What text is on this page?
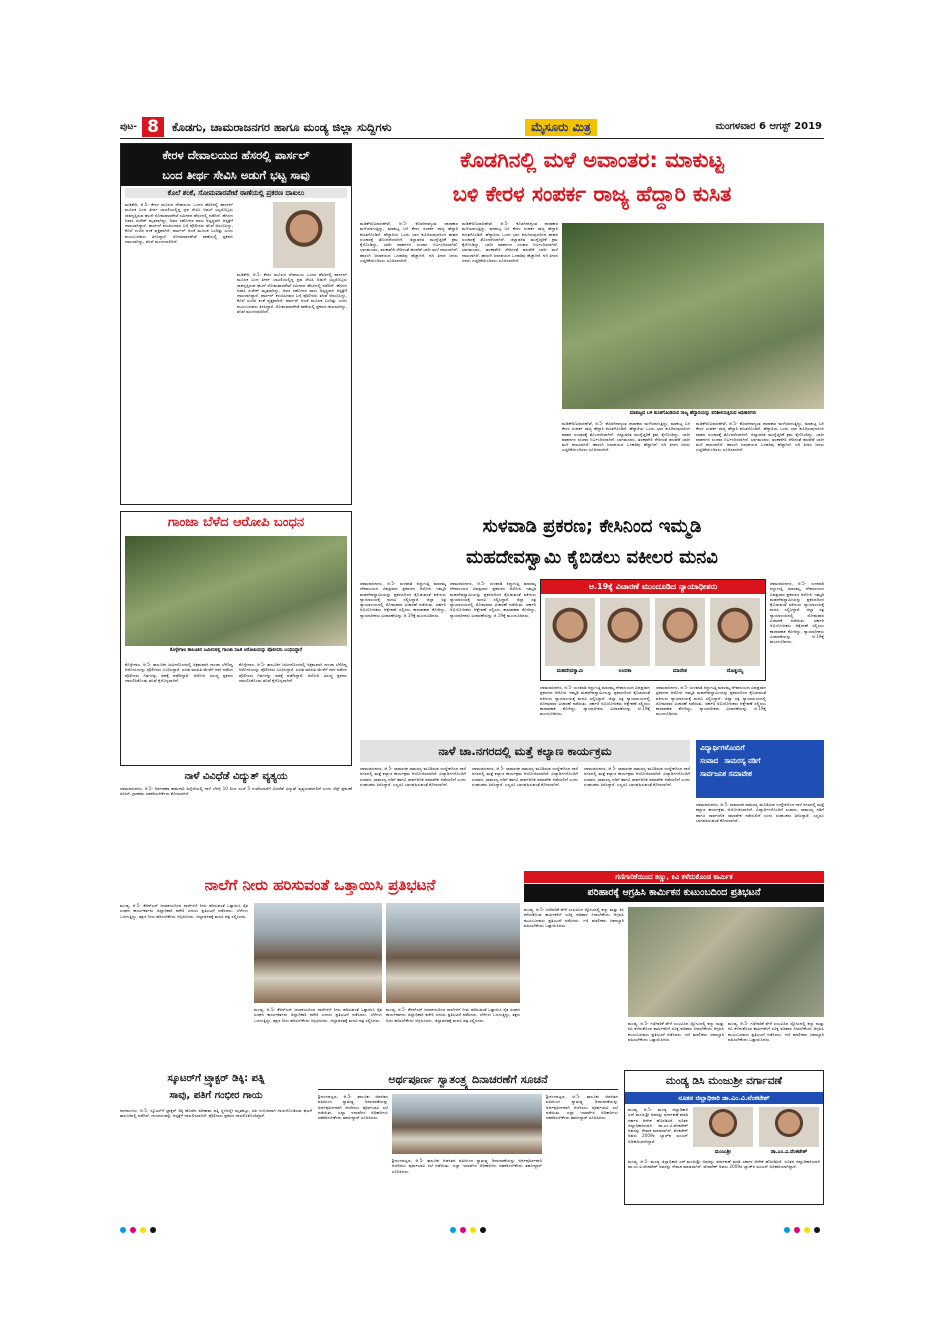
ಪುಟ- 8	ಕೊಡಗು, ಚಾಮರಾಜನಗರ ಹಾಗೂ ಮಂಡ್ಯ ಜಿಲ್ಲಾ ಸುದ್ದಿಗಳು	ಮೈಸೂರು ಮಿತ್ರ	ಮಂಗಳವಾರ 6 ಆಗಸ್ಟ್ 2019
ಕೇರಳ ದೇವಾಲಯದ ಹೆಸರಲ್ಲಿ ಪಾರ್ಸಲ್
ಬಂದ ತೀರ್ಥ ಸೇವಿಸಿ ಅಡುಗೆ ಭಟ್ಟ ಸಾವು
ಕೊಲೆ ಶಂಕೆ, ಸೋಮವಾರಪೇಟೆ ಠಾಣೆಯಲ್ಲಿ ಪ್ರಕರಣ ದಾಖಲು
ಮಡಿಕೇರಿ, ಆ.5- ಕೇರಳ ಮೂಲದ ದೇವಾಲಯ ಒಂದರ ಹೆಸರಿನಲ್ಲಿ ಪಾರ್ಸಲ್ ಮೂಲಕ ಬಂದ ತೀರ್ಥ ಬಾಟಲಿಯಲ್ಲಿದ್ದ ದ್ರವ ಸೇವಿಸಿ ಅಡುಗೆ ಭಟ್ಟರೊಬ್ಬರು ಸಾವನ್ನಪ್ಪಿರುವ ಘಟನೆ ಸೋಮವಾರಪೇಟೆ ಸಮೀಪದ ಹೆಗ್ಗಳದಲ್ಲಿ ನಡೆದಿದೆ. ಹೆಗ್ಗಳದ ನಿವಾಸಿ ಸುರೇಶ್ ಮೃತರಾಗಿದ್ದು, ಅವರ ಸಹೋದರ ವಾಸು ಅಸ್ವಸ್ಥರಾಗಿ ಆಸ್ಪತ್ರೆಗೆ ದಾಖಲಾಗಿದ್ದಾರೆ. ಪಾರ್ಸಲ್ ಕಳುಹಿಸಿದವರ ಬಗ್ಗೆ ಪೊಲೀಸರು ತನಿಖೆ ಆರಂಭಿಸಿದ್ದು, ಕೊಲೆ ಸಂಚಿನ ಶಂಕೆ ವ್ಯಕ್ತವಾಗಿದೆ. ಪಾರ್ಸಲ್ ಅಂಚೆ ಮೂಲಕ ಬಂದಿತ್ತು ಎಂದು ಕುಟುಂಬದವರು ತಿಳಿಸಿದ್ದಾರೆ. ಸೋಮವಾರಪೇಟೆ ಠಾಣೆಯಲ್ಲಿ ಪ್ರಕರಣ ದಾಖಲಾಗಿದ್ದು, ತನಿಖೆ ಮುಂದುವರಿದಿದೆ.
ಮಡಿಕೇರಿ, ಆ.5- ಕೇರಳ ಮೂಲದ ದೇವಾಲಯ ಒಂದರ ಹೆಸರಿನಲ್ಲಿ ಪಾರ್ಸಲ್ ಮೂಲಕ ಬಂದ ತೀರ್ಥ ಬಾಟಲಿಯಲ್ಲಿದ್ದ ದ್ರವ ಸೇವಿಸಿ ಅಡುಗೆ ಭಟ್ಟರೊಬ್ಬರು ಸಾವನ್ನಪ್ಪಿರುವ ಘಟನೆ ಸೋಮವಾರಪೇಟೆ ಸಮೀಪದ ಹೆಗ್ಗಳದಲ್ಲಿ ನಡೆದಿದೆ. ಹೆಗ್ಗಳದ ನಿವಾಸಿ ಸುರೇಶ್ ಮೃತರಾಗಿದ್ದು, ಅವರ ಸಹೋದರ ವಾಸು ಅಸ್ವಸ್ಥರಾಗಿ ಆಸ್ಪತ್ರೆಗೆ ದಾಖಲಾಗಿದ್ದಾರೆ. ಪಾರ್ಸಲ್ ಕಳುಹಿಸಿದವರ ಬಗ್ಗೆ ಪೊಲೀಸರು ತನಿಖೆ ಆರಂಭಿಸಿದ್ದು, ಕೊಲೆ ಸಂಚಿನ ಶಂಕೆ ವ್ಯಕ್ತವಾಗಿದೆ. ಪಾರ್ಸಲ್ ಅಂಚೆ ಮೂಲಕ ಬಂದಿತ್ತು ಎಂದು ಕುಟುಂಬದವರು ತಿಳಿಸಿದ್ದಾರೆ. ಸೋಮವಾರಪೇಟೆ ಠಾಣೆಯಲ್ಲಿ ಪ್ರಕರಣ ದಾಖಲಾಗಿದ್ದು, ತನಿಖೆ ಮುಂದುವರಿದಿದೆ.
ಕೊಡಗಿನಲ್ಲಿ ಮಳೆ ಅವಾಂತರ: ಮಾಕುಟ್ಟ
ಬಳಿ ಕೇರಳ ಸಂಪರ್ಕ ರಾಜ್ಯ ಹೆದ್ದಾರಿ ಕುಸಿತ
ಮಡಿಕೇರಿ/ವಿರಾಜಪೇಟೆ, ಆ.5- ಕೊಡಗಿನಾದ್ಯಂತ ಧಾರಾಕಾರ ಮಳೆಯಾಗುತ್ತಿದ್ದು, ಮಾಕುಟ್ಟ ಬಳಿ ಕೇರಳ ಸಂಪರ್ಕ ರಾಜ್ಯ ಹೆದ್ದಾರಿ ಕುಸಿತಗೊಂಡಿದೆ. ಹೆದ್ದಾರಿಯ ಒಂದು ಭಾಗ ಕುಸಿದಿರುವುದರಿಂದ ವಾಹನ ಸಂಚಾರಕ್ಕೆ ತೊಂದರೆಯಾಗಿದೆ. ಜಿಲ್ಲಾಡಳಿತ ಮುನ್ನೆಚ್ಚರಿಕೆ ಕ್ರಮ ಕೈಗೊಂಡಿದ್ದು, ಭಾರೀ ವಾಹನಗಳ ಸಂಚಾರ ನಿರ್ಬಂಧಿಸಲಾಗಿದೆ. ಭಾಗಮಂಡಲ, ತಲಕಾವೇರಿ ಸೇರಿದಂತೆ ಹಲವೆಡೆ ಭಾರೀ ಮಳೆ ದಾಖಲಾಗಿದೆ. ಹಾರಂಗಿ ಜಲಾಶಯದ ಒಳಹರಿವು ಹೆಚ್ಚಾಗಿದೆ. ನದಿ ತೀರದ ಜನರು ಎಚ್ಚರಿಕೆಯಿಂದಿರಲು ಸೂಚಿಸಲಾಗಿದೆ.
ಮಡಿಕೇರಿ/ವಿರಾಜಪೇಟೆ, ಆ.5- ಕೊಡಗಿನಾದ್ಯಂತ ಧಾರಾಕಾರ ಮಳೆಯಾಗುತ್ತಿದ್ದು, ಮಾಕುಟ್ಟ ಬಳಿ ಕೇರಳ ಸಂಪರ್ಕ ರಾಜ್ಯ ಹೆದ್ದಾರಿ ಕುಸಿತಗೊಂಡಿದೆ. ಹೆದ್ದಾರಿಯ ಒಂದು ಭಾಗ ಕುಸಿದಿರುವುದರಿಂದ ವಾಹನ ಸಂಚಾರಕ್ಕೆ ತೊಂದರೆಯಾಗಿದೆ. ಜಿಲ್ಲಾಡಳಿತ ಮುನ್ನೆಚ್ಚರಿಕೆ ಕ್ರಮ ಕೈಗೊಂಡಿದ್ದು, ಭಾರೀ ವಾಹನಗಳ ಸಂಚಾರ ನಿರ್ಬಂಧಿಸಲಾಗಿದೆ. ಭಾಗಮಂಡಲ, ತಲಕಾವೇರಿ ಸೇರಿದಂತೆ ಹಲವೆಡೆ ಭಾರೀ ಮಳೆ ದಾಖಲಾಗಿದೆ. ಹಾರಂಗಿ ಜಲಾಶಯದ ಒಳಹರಿವು ಹೆಚ್ಚಾಗಿದೆ. ನದಿ ತೀರದ ಜನರು ಎಚ್ಚರಿಕೆಯಿಂದಿರಲು ಸೂಚಿಸಲಾಗಿದೆ.
ಮಾಕುಟ್ಟದ ಬಳಿ ಕುಸಿತಗೊಂಡಿರುವ ರಾಜ್ಯ ಹೆದ್ದಾರಿಯನ್ನು ಪರಿಶೀಲಿಸುತ್ತಿರುವ ಅಧಿಕಾರಿಗಳು
ಮಡಿಕೇರಿ/ವಿರಾಜಪೇಟೆ, ಆ.5- ಕೊಡಗಿನಾದ್ಯಂತ ಧಾರಾಕಾರ ಮಳೆಯಾಗುತ್ತಿದ್ದು, ಮಾಕುಟ್ಟ ಬಳಿ ಕೇರಳ ಸಂಪರ್ಕ ರಾಜ್ಯ ಹೆದ್ದಾರಿ ಕುಸಿತಗೊಂಡಿದೆ. ಹೆದ್ದಾರಿಯ ಒಂದು ಭಾಗ ಕುಸಿದಿರುವುದರಿಂದ ವಾಹನ ಸಂಚಾರಕ್ಕೆ ತೊಂದರೆಯಾಗಿದೆ. ಜಿಲ್ಲಾಡಳಿತ ಮುನ್ನೆಚ್ಚರಿಕೆ ಕ್ರಮ ಕೈಗೊಂಡಿದ್ದು, ಭಾರೀ ವಾಹನಗಳ ಸಂಚಾರ ನಿರ್ಬಂಧಿಸಲಾಗಿದೆ. ಭಾಗಮಂಡಲ, ತಲಕಾವೇರಿ ಸೇರಿದಂತೆ ಹಲವೆಡೆ ಭಾರೀ ಮಳೆ ದಾಖಲಾಗಿದೆ. ಹಾರಂಗಿ ಜಲಾಶಯದ ಒಳಹರಿವು ಹೆಚ್ಚಾಗಿದೆ. ನದಿ ತೀರದ ಜನರು ಎಚ್ಚರಿಕೆಯಿಂದಿರಲು ಸೂಚಿಸಲಾಗಿದೆ.
ಮಡಿಕೇರಿ/ವಿರಾಜಪೇಟೆ, ಆ.5- ಕೊಡಗಿನಾದ್ಯಂತ ಧಾರಾಕಾರ ಮಳೆಯಾಗುತ್ತಿದ್ದು, ಮಾಕುಟ್ಟ ಬಳಿ ಕೇರಳ ಸಂಪರ್ಕ ರಾಜ್ಯ ಹೆದ್ದಾರಿ ಕುಸಿತಗೊಂಡಿದೆ. ಹೆದ್ದಾರಿಯ ಒಂದು ಭಾಗ ಕುಸಿದಿರುವುದರಿಂದ ವಾಹನ ಸಂಚಾರಕ್ಕೆ ತೊಂದರೆಯಾಗಿದೆ. ಜಿಲ್ಲಾಡಳಿತ ಮುನ್ನೆಚ್ಚರಿಕೆ ಕ್ರಮ ಕೈಗೊಂಡಿದ್ದು, ಭಾರೀ ವಾಹನಗಳ ಸಂಚಾರ ನಿರ್ಬಂಧಿಸಲಾಗಿದೆ. ಭಾಗಮಂಡಲ, ತಲಕಾವೇರಿ ಸೇರಿದಂತೆ ಹಲವೆಡೆ ಭಾರೀ ಮಳೆ ದಾಖಲಾಗಿದೆ. ಹಾರಂಗಿ ಜಲಾಶಯದ ಒಳಹರಿವು ಹೆಚ್ಚಾಗಿದೆ. ನದಿ ತೀರದ ಜನರು ಎಚ್ಚರಿಕೆಯಿಂದಿರಲು ಸೂಚಿಸಲಾಗಿದೆ.
ಗಾಂಜಾ ಬೆಳೆದ ಆರೋಪಿ ಬಂಧನ
ಕೊಳ್ಳೇಗಾಲ ತಾಲೂಕಿನ ಜಮೀನಿನಲ್ಲಿ ಗಾಂಜಾ ಸಹಿತ ಆರೋಪಿಯನ್ನು ಪೊಲೀಸರು ಬಂಧಿಸಿದ್ದಾರೆ
ಕೊಳ್ಳೇಗಾಲ, ಆ.5- ತಾಲೂಕಿನ ಜಮೀನೊಂದರಲ್ಲಿ ಅಕ್ರಮವಾಗಿ ಗಾಂಜಾ ಬೆಳೆದಿದ್ದ ಆರೋಪಿಯನ್ನು ಪೊಲೀಸರು ಬಂಧಿಸಿದ್ದಾರೆ. ಖಚಿತ ಮಾಹಿತಿ ಮೇರೆಗೆ ದಾಳಿ ನಡೆಸಿದ ಪೊಲೀಸರು ಗಿಡಗಳನ್ನು ವಶಕ್ಕೆ ಪಡೆದಿದ್ದಾರೆ. ಆರೋಪಿ ವಿರುದ್ಧ ಪ್ರಕರಣ ದಾಖಲಿಸಿಕೊಂಡು ತನಿಖೆ ಕೈಗೊಳ್ಳಲಾಗಿದೆ.
ಕೊಳ್ಳೇಗಾಲ, ಆ.5- ತಾಲೂಕಿನ ಜಮೀನೊಂದರಲ್ಲಿ ಅಕ್ರಮವಾಗಿ ಗಾಂಜಾ ಬೆಳೆದಿದ್ದ ಆರೋಪಿಯನ್ನು ಪೊಲೀಸರು ಬಂಧಿಸಿದ್ದಾರೆ. ಖಚಿತ ಮಾಹಿತಿ ಮೇರೆಗೆ ದಾಳಿ ನಡೆಸಿದ ಪೊಲೀಸರು ಗಿಡಗಳನ್ನು ವಶಕ್ಕೆ ಪಡೆದಿದ್ದಾರೆ. ಆರೋಪಿ ವಿರುದ್ಧ ಪ್ರಕರಣ ದಾಖಲಿಸಿಕೊಂಡು ತನಿಖೆ ಕೈಗೊಳ್ಳಲಾಗಿದೆ.
ನಾಳೆ ವಿವಿಧೆಡೆ ವಿದ್ಯುತ್ ವ್ಯತ್ಯಯ
ಚಾಮರಾಜನಗರ, ಆ.5- ನಿರ್ವಹಣಾ ಕಾಮಗಾರಿ ಹಿನ್ನೆಲೆಯಲ್ಲಿ ನಾಳೆ ಬೆಳಿಗ್ಗೆ 10 ರಿಂದ ಸಂಜೆ 5 ಗಂಟೆಯವರೆಗೆ ವಿವಿಧೆಡೆ ವಿದ್ಯುತ್ ವ್ಯತ್ಯಯವಾಗಲಿದೆ ಎಂದು ಸೆಸ್ಕ್ ಪ್ರಕಟಣೆ ತಿಳಿಸಿದೆ. ಗ್ರಾಹಕರು ಸಹಕರಿಸಬೇಕೆಂದು ಕೋರಲಾಗಿದೆ.
ಸುಳವಾಡಿ ಪ್ರಕರಣ; ಕೇಸಿನಿಂದ ಇಮ್ಮಡಿ
ಮಹದೇವಸ್ವಾಮಿ ಕೈಬಿಡಲು ವಕೀಲರ ಮನವಿ
ಚಾಮರಾಜನಗರ, ಆ.5- ಸುಳವಾಡಿ ಕಿಚ್ಚುಗುತ್ತಿ ಮಾರಮ್ಮ ದೇವಾಲಯದ ವಿಷಪ್ರಸಾದ ಪ್ರಕರಣದ ಆರೋಪಿ ಇಮ್ಮಡಿ ಮಹದೇವಸ್ವಾಮಿಯನ್ನು ಪ್ರಕರಣದಿಂದ ಕೈಬಿಡುವಂತೆ ವಕೀಲರು ನ್ಯಾಯಾಲಯಕ್ಕೆ ಮನವಿ ಸಲ್ಲಿಸಿದ್ದಾರೆ. ಜಿಲ್ಲಾ ಸತ್ರ ನ್ಯಾಯಾಲಯದಲ್ಲಿ ಸೋಮವಾರ ವಿಚಾರಣೆ ನಡೆಯಿತು. ಸರ್ಕಾರಿ ಅಭಿಯೋಜಕರು ಆಕ್ಷೇಪಣೆ ಸಲ್ಲಿಸಲು ಕಾಲಾವಕಾಶ ಕೋರಿದ್ದು, ನ್ಯಾಯಾಧೀಶರು ವಿಚಾರಣೆಯನ್ನು ಆ.19ಕ್ಕೆ ಮುಂದೂಡಿದರು.
ಚಾಮರಾಜನಗರ, ಆ.5- ಸುಳವಾಡಿ ಕಿಚ್ಚುಗುತ್ತಿ ಮಾರಮ್ಮ ದೇವಾಲಯದ ವಿಷಪ್ರಸಾದ ಪ್ರಕರಣದ ಆರೋಪಿ ಇಮ್ಮಡಿ ಮಹದೇವಸ್ವಾಮಿಯನ್ನು ಪ್ರಕರಣದಿಂದ ಕೈಬಿಡುವಂತೆ ವಕೀಲರು ನ್ಯಾಯಾಲಯಕ್ಕೆ ಮನವಿ ಸಲ್ಲಿಸಿದ್ದಾರೆ. ಜಿಲ್ಲಾ ಸತ್ರ ನ್ಯಾಯಾಲಯದಲ್ಲಿ ಸೋಮವಾರ ವಿಚಾರಣೆ ನಡೆಯಿತು. ಸರ್ಕಾರಿ ಅಭಿಯೋಜಕರು ಆಕ್ಷೇಪಣೆ ಸಲ್ಲಿಸಲು ಕಾಲಾವಕಾಶ ಕೋರಿದ್ದು, ನ್ಯಾಯಾಧೀಶರು ವಿಚಾರಣೆಯನ್ನು ಆ.19ಕ್ಕೆ ಮುಂದೂಡಿದರು.
ಆ.19ಕ್ಕೆ ವಿಚಾರಣೆ ಮುಂದೂಡಿದ ನ್ಯಾಯಾಧೀಶರು
ಮಹದೇವಸ್ವಾಮಿ	ಅಂಬಿಕಾ	ಮಾದೇಶ	ದೊಡ್ಡಯ್ಯ
ಚಾಮರಾಜನಗರ, ಆ.5- ಸುಳವಾಡಿ ಕಿಚ್ಚುಗುತ್ತಿ ಮಾರಮ್ಮ ದೇವಾಲಯದ ವಿಷಪ್ರಸಾದ ಪ್ರಕರಣದ ಆರೋಪಿ ಇಮ್ಮಡಿ ಮಹದೇವಸ್ವಾಮಿಯನ್ನು ಪ್ರಕರಣದಿಂದ ಕೈಬಿಡುವಂತೆ ವಕೀಲರು ನ್ಯಾಯಾಲಯಕ್ಕೆ ಮನವಿ ಸಲ್ಲಿಸಿದ್ದಾರೆ. ಜಿಲ್ಲಾ ಸತ್ರ ನ್ಯಾಯಾಲಯದಲ್ಲಿ ಸೋಮವಾರ ವಿಚಾರಣೆ ನಡೆಯಿತು. ಸರ್ಕಾರಿ ಅಭಿಯೋಜಕರು ಆಕ್ಷೇಪಣೆ ಸಲ್ಲಿಸಲು ಕಾಲಾವಕಾಶ ಕೋರಿದ್ದು, ನ್ಯಾಯಾಧೀಶರು ವಿಚಾರಣೆಯನ್ನು ಆ.19ಕ್ಕೆ ಮುಂದೂಡಿದರು.
ಚಾಮರಾಜನಗರ, ಆ.5- ಸುಳವಾಡಿ ಕಿಚ್ಚುಗುತ್ತಿ ಮಾರಮ್ಮ ದೇವಾಲಯದ ವಿಷಪ್ರಸಾದ ಪ್ರಕರಣದ ಆರೋಪಿ ಇಮ್ಮಡಿ ಮಹದೇವಸ್ವಾಮಿಯನ್ನು ಪ್ರಕರಣದಿಂದ ಕೈಬಿಡುವಂತೆ ವಕೀಲರು ನ್ಯಾಯಾಲಯಕ್ಕೆ ಮನವಿ ಸಲ್ಲಿಸಿದ್ದಾರೆ. ಜಿಲ್ಲಾ ಸತ್ರ ನ್ಯಾಯಾಲಯದಲ್ಲಿ ಸೋಮವಾರ ವಿಚಾರಣೆ ನಡೆಯಿತು. ಸರ್ಕಾರಿ ಅಭಿಯೋಜಕರು ಆಕ್ಷೇಪಣೆ ಸಲ್ಲಿಸಲು ಕಾಲಾವಕಾಶ ಕೋರಿದ್ದು, ನ್ಯಾಯಾಧೀಶರು ವಿಚಾರಣೆಯನ್ನು ಆ.19ಕ್ಕೆ ಮುಂದೂಡಿದರು.
ಚಾಮರಾಜನಗರ, ಆ.5- ಸುಳವಾಡಿ ಕಿಚ್ಚುಗುತ್ತಿ ಮಾರಮ್ಮ ದೇವಾಲಯದ ವಿಷಪ್ರಸಾದ ಪ್ರಕರಣದ ಆರೋಪಿ ಇಮ್ಮಡಿ ಮಹದೇವಸ್ವಾಮಿಯನ್ನು ಪ್ರಕರಣದಿಂದ ಕೈಬಿಡುವಂತೆ ವಕೀಲರು ನ್ಯಾಯಾಲಯಕ್ಕೆ ಮನವಿ ಸಲ್ಲಿಸಿದ್ದಾರೆ. ಜಿಲ್ಲಾ ಸತ್ರ ನ್ಯಾಯಾಲಯದಲ್ಲಿ ಸೋಮವಾರ ವಿಚಾರಣೆ ನಡೆಯಿತು. ಸರ್ಕಾರಿ ಅಭಿಯೋಜಕರು ಆಕ್ಷೇಪಣೆ ಸಲ್ಲಿಸಲು ಕಾಲಾವಕಾಶ ಕೋರಿದ್ದು, ನ್ಯಾಯಾಧೀಶರು ವಿಚಾರಣೆಯನ್ನು ಆ.19ಕ್ಕೆ ಮುಂದೂಡಿದರು.
ನಾಳೆ ಚಾ.ನಗರದಲ್ಲಿ ಮತ್ತೆ ಕಲ್ಯಾಣ ಕಾರ್ಯಕ್ರಮ	ವಿದ್ಯಾರ್ಥಿಗಳೊಂದಿಗೆ
ಸಂವಾದ ಸಾಮರಸ್ಯ ನಡಿಗೆ
ಸಾರ್ವಜನಿಕ ಸಮಾವೇಶ
ಚಾಮರಾಜನಗರ, ಆ.5- ಸಾಮಾಜಿಕ ಸಾಮರಸ್ಯ ಮೂಡಿಸುವ ಉದ್ದೇಶದಿಂದ ನಾಳೆ ನಗರದಲ್ಲಿ ಮತ್ತೆ ಕಲ್ಯಾಣ ಕಾರ್ಯಕ್ರಮ ಆಯೋಜಿಸಲಾಗಿದೆ. ವಿದ್ಯಾರ್ಥಿಗಳೊಂದಿಗೆ ಸಂವಾದ, ಸಾಮರಸ್ಯ ನಡಿಗೆ ಹಾಗೂ ಸಾರ್ವಜನಿಕ ಸಮಾವೇಶ ನಡೆಯಲಿದೆ ಎಂದು ಸಂಘಟಕರು ತಿಳಿಸಿದ್ದಾರೆ. ಎಲ್ಲರೂ ಭಾಗವಹಿಸುವಂತೆ ಕೋರಲಾಗಿದೆ.
ಚಾಮರಾಜನಗರ, ಆ.5- ಸಾಮಾಜಿಕ ಸಾಮರಸ್ಯ ಮೂಡಿಸುವ ಉದ್ದೇಶದಿಂದ ನಾಳೆ ನಗರದಲ್ಲಿ ಮತ್ತೆ ಕಲ್ಯಾಣ ಕಾರ್ಯಕ್ರಮ ಆಯೋಜಿಸಲಾಗಿದೆ. ವಿದ್ಯಾರ್ಥಿಗಳೊಂದಿಗೆ ಸಂವಾದ, ಸಾಮರಸ್ಯ ನಡಿಗೆ ಹಾಗೂ ಸಾರ್ವಜನಿಕ ಸಮಾವೇಶ ನಡೆಯಲಿದೆ ಎಂದು ಸಂಘಟಕರು ತಿಳಿಸಿದ್ದಾರೆ. ಎಲ್ಲರೂ ಭಾಗವಹಿಸುವಂತೆ ಕೋರಲಾಗಿದೆ.
ಚಾಮರಾಜನಗರ, ಆ.5- ಸಾಮಾಜಿಕ ಸಾಮರಸ್ಯ ಮೂಡಿಸುವ ಉದ್ದೇಶದಿಂದ ನಾಳೆ ನಗರದಲ್ಲಿ ಮತ್ತೆ ಕಲ್ಯಾಣ ಕಾರ್ಯಕ್ರಮ ಆಯೋಜಿಸಲಾಗಿದೆ. ವಿದ್ಯಾರ್ಥಿಗಳೊಂದಿಗೆ ಸಂವಾದ, ಸಾಮರಸ್ಯ ನಡಿಗೆ ಹಾಗೂ ಸಾರ್ವಜನಿಕ ಸಮಾವೇಶ ನಡೆಯಲಿದೆ ಎಂದು ಸಂಘಟಕರು ತಿಳಿಸಿದ್ದಾರೆ. ಎಲ್ಲರೂ ಭಾಗವಹಿಸುವಂತೆ ಕೋರಲಾಗಿದೆ.
ಚಾಮರಾಜನಗರ, ಆ.5- ಸಾಮಾಜಿಕ ಸಾಮರಸ್ಯ ಮೂಡಿಸುವ ಉದ್ದೇಶದಿಂದ ನಾಳೆ ನಗರದಲ್ಲಿ ಮತ್ತೆ ಕಲ್ಯಾಣ ಕಾರ್ಯಕ್ರಮ ಆಯೋಜಿಸಲಾಗಿದೆ. ವಿದ್ಯಾರ್ಥಿಗಳೊಂದಿಗೆ ಸಂವಾದ, ಸಾಮರಸ್ಯ ನಡಿಗೆ ಹಾಗೂ ಸಾರ್ವಜನಿಕ ಸಮಾವೇಶ ನಡೆಯಲಿದೆ ಎಂದು ಸಂಘಟಕರು ತಿಳಿಸಿದ್ದಾರೆ. ಎಲ್ಲರೂ ಭಾಗವಹಿಸುವಂತೆ ಕೋರಲಾಗಿದೆ.
ನಾಲೆಗೆ ನೀರು ಹರಿಸುವಂತೆ ಒತ್ತಾಯಿಸಿ ಪ್ರತಿಭಟನೆ
ಮಂಡ್ಯ, ಆ.5- ಕೆಆರ್‌ಎಸ್ ಜಲಾಶಯದಿಂದ ನಾಲೆಗಳಿಗೆ ನೀರು ಹರಿಸುವಂತೆ ಒತ್ತಾಯಿಸಿ ರೈತ ಸಂಘದ ಕಾರ್ಯಕರ್ತರು ಜಿಲ್ಲಾಧಿಕಾರಿ ಕಚೇರಿ ಎದುರು ಪ್ರತಿಭಟನೆ ನಡೆಸಿದರು. ಬೆಳೆಗಳು ಒಣಗುತ್ತಿದ್ದು, ತಕ್ಷಣ ನೀರು ಹರಿಸಬೇಕೆಂದು ಆಗ್ರಹಿಸಿದರು. ಜಿಲ್ಲಾಡಳಿತಕ್ಕೆ ಮನವಿ ಪತ್ರ ಸಲ್ಲಿಸಿದರು.
ಮಂಡ್ಯ, ಆ.5- ಕೆಆರ್‌ಎಸ್ ಜಲಾಶಯದಿಂದ ನಾಲೆಗಳಿಗೆ ನೀರು ಹರಿಸುವಂತೆ ಒತ್ತಾಯಿಸಿ ರೈತ ಸಂಘದ ಕಾರ್ಯಕರ್ತರು ಜಿಲ್ಲಾಧಿಕಾರಿ ಕಚೇರಿ ಎದುರು ಪ್ರತಿಭಟನೆ ನಡೆಸಿದರು. ಬೆಳೆಗಳು ಒಣಗುತ್ತಿದ್ದು, ತಕ್ಷಣ ನೀರು ಹರಿಸಬೇಕೆಂದು ಆಗ್ರಹಿಸಿದರು. ಜಿಲ್ಲಾಡಳಿತಕ್ಕೆ ಮನವಿ ಪತ್ರ ಸಲ್ಲಿಸಿದರು.
ಮಂಡ್ಯ, ಆ.5- ಕೆಆರ್‌ಎಸ್ ಜಲಾಶಯದಿಂದ ನಾಲೆಗಳಿಗೆ ನೀರು ಹರಿಸುವಂತೆ ಒತ್ತಾಯಿಸಿ ರೈತ ಸಂಘದ ಕಾರ್ಯಕರ್ತರು ಜಿಲ್ಲಾಧಿಕಾರಿ ಕಚೇರಿ ಎದುರು ಪ್ರತಿಭಟನೆ ನಡೆಸಿದರು. ಬೆಳೆಗಳು ಒಣಗುತ್ತಿದ್ದು, ತಕ್ಷಣ ನೀರು ಹರಿಸಬೇಕೆಂದು ಆಗ್ರಹಿಸಿದರು. ಜಿಲ್ಲಾಡಳಿತಕ್ಕೆ ಮನವಿ ಪತ್ರ ಸಲ್ಲಿಸಿದರು.
ಗಣಿಗಾರಿಕೆಯಿಂದ ಕಣ್ಣು, ಕಿವಿ ಕಳೆದುಕೊಂಡ ಕಾರ್ಮಿಕ
ಪರಿಹಾರಕ್ಕೆ ಆಗ್ರಹಿಸಿ ಕಾರ್ಮಿಕನ ಕುಟುಂಬದಿಂದ ಪ್ರತಿಭಟನೆ
ಮಂಡ್ಯ, ಆ.5- ಗಣಿಗಾರಿಕೆ ವೇಳೆ ಸಂಭವಿಸಿದ ಸ್ಫೋಟದಲ್ಲಿ ಕಣ್ಣು ಮತ್ತು ಕಿವಿ ಕಳೆದುಕೊಂಡ ಕಾರ್ಮಿಕನಿಗೆ ಸೂಕ್ತ ಪರಿಹಾರ ನೀಡಬೇಕೆಂದು ಆಗ್ರಹಿಸಿ ಕುಟುಂಬದವರು ಪ್ರತಿಭಟನೆ ನಡೆಸಿದರು. ಗಣಿ ಮಾಲೀಕರು ಜವಾಬ್ದಾರಿ ವಹಿಸಬೇಕೆಂದು ಒತ್ತಾಯಿಸಿದರು.
ಮಂಡ್ಯ, ಆ.5- ಗಣಿಗಾರಿಕೆ ವೇಳೆ ಸಂಭವಿಸಿದ ಸ್ಫೋಟದಲ್ಲಿ ಕಣ್ಣು ಮತ್ತು ಕಿವಿ ಕಳೆದುಕೊಂಡ ಕಾರ್ಮಿಕನಿಗೆ ಸೂಕ್ತ ಪರಿಹಾರ ನೀಡಬೇಕೆಂದು ಆಗ್ರಹಿಸಿ ಕುಟುಂಬದವರು ಪ್ರತಿಭಟನೆ ನಡೆಸಿದರು. ಗಣಿ ಮಾಲೀಕರು ಜವಾಬ್ದಾರಿ ವಹಿಸಬೇಕೆಂದು ಒತ್ತಾಯಿಸಿದರು.
ಮಂಡ್ಯ, ಆ.5- ಗಣಿಗಾರಿಕೆ ವೇಳೆ ಸಂಭವಿಸಿದ ಸ್ಫೋಟದಲ್ಲಿ ಕಣ್ಣು ಮತ್ತು ಕಿವಿ ಕಳೆದುಕೊಂಡ ಕಾರ್ಮಿಕನಿಗೆ ಸೂಕ್ತ ಪರಿಹಾರ ನೀಡಬೇಕೆಂದು ಆಗ್ರಹಿಸಿ ಕುಟುಂಬದವರು ಪ್ರತಿಭಟನೆ ನಡೆಸಿದರು. ಗಣಿ ಮಾಲೀಕರು ಜವಾಬ್ದಾರಿ ವಹಿಸಬೇಕೆಂದು ಒತ್ತಾಯಿಸಿದರು.
ಸ್ಕೂಟರ್‌ಗೆ ಟ್ರ್ಯಾಕ್ಟರ್ ಡಿಕ್ಕಿ: ಪತ್ನಿ
ಸಾವು, ಪತಿಗೆ ಗಂಭೀರ ಗಾಯ
ನಾಗಮಂಗಲ, ಆ.5- ಸ್ಕೂಟರ್‌ಗೆ ಟ್ರ್ಯಾಕ್ಟರ್ ಡಿಕ್ಕಿ ಹೊಡೆದ ಪರಿಣಾಮ ಪತ್ನಿ ಸ್ಥಳದಲ್ಲೇ ಮೃತಪಟ್ಟು, ಪತಿ ಗಂಭೀರವಾಗಿ ಗಾಯಗೊಂಡಿರುವ ಘಟನೆ ತಾಲೂಕಿನಲ್ಲಿ ನಡೆದಿದೆ. ಗಾಯಾಳುವನ್ನು ಆಸ್ಪತ್ರೆಗೆ ದಾಖಲಿಸಲಾಗಿದೆ. ಪೊಲೀಸರು ಪ್ರಕರಣ ದಾಖಲಿಸಿಕೊಂಡಿದ್ದಾರೆ.
ಅರ್ಥಪೂರ್ಣ ಸ್ವಾತಂತ್ರ್ಯ ದಿನಾಚರಣೆಗೆ ಸೂಚನೆ
ಶ್ರೀರಂಗಪಟ್ಟಣ, ಆ.5- ತಾಲೂಕು ಆಡಳಿತದ ವತಿಯಿಂದ ಸ್ವಾತಂತ್ರ್ಯ ದಿನಾಚರಣೆಯನ್ನು ಅರ್ಥಪೂರ್ಣವಾಗಿ ಆಚರಿಸಲು ಪೂರ್ವಭಾವಿ ಸಭೆ ನಡೆಯಿತು. ಎಲ್ಲಾ ಇಲಾಖೆಗಳ ಅಧಿಕಾರಿಗಳು ಸಹಕರಿಸಬೇಕೆಂದು ತಹಸೀಲ್ದಾರ್ ಸೂಚಿಸಿದರು.
ಶ್ರೀರಂಗಪಟ್ಟಣ, ಆ.5- ತಾಲೂಕು ಆಡಳಿತದ ವತಿಯಿಂದ ಸ್ವಾತಂತ್ರ್ಯ ದಿನಾಚರಣೆಯನ್ನು ಅರ್ಥಪೂರ್ಣವಾಗಿ ಆಚರಿಸಲು ಪೂರ್ವಭಾವಿ ಸಭೆ ನಡೆಯಿತು. ಎಲ್ಲಾ ಇಲಾಖೆಗಳ ಅಧಿಕಾರಿಗಳು ಸಹಕರಿಸಬೇಕೆಂದು ತಹಸೀಲ್ದಾರ್ ಸೂಚಿಸಿದರು.
ಶ್ರೀರಂಗಪಟ್ಟಣ, ಆ.5- ತಾಲೂಕು ಆಡಳಿತದ ವತಿಯಿಂದ ಸ್ವಾತಂತ್ರ್ಯ ದಿನಾಚರಣೆಯನ್ನು ಅರ್ಥಪೂರ್ಣವಾಗಿ ಆಚರಿಸಲು ಪೂರ್ವಭಾವಿ ಸಭೆ ನಡೆಯಿತು. ಎಲ್ಲಾ ಇಲಾಖೆಗಳ ಅಧಿಕಾರಿಗಳು ಸಹಕರಿಸಬೇಕೆಂದು ತಹಸೀಲ್ದಾರ್ ಸೂಚಿಸಿದರು.
ಮಂಡ್ಯ ಡಿಸಿ ಮಂಜುಶ್ರೀ ವರ್ಗಾವಣೆ
ನೂತನ ಜಿಲ್ಲಾಧಿಕಾರಿ ಡಾ.ಎಂ.ವಿ.ವೆಂಕಟೇಶ್
ಮಂಡ್ಯ, ಆ.5- ಮಂಡ್ಯ ಜಿಲ್ಲಾಧಿಕಾರಿ ಎನ್.ಮಂಜುಶ್ರೀ ಅವರನ್ನು ವರ್ಗಾವಣೆ ಮಾಡಿ ಸರ್ಕಾರ ಆದೇಶ ಹೊರಡಿಸಿದೆ. ನೂತನ ಜಿಲ್ಲಾಧಿಕಾರಿಯಾಗಿ ಡಾ.ಎಂ.ವಿ.ವೆಂಕಟೇಶ್ ಅವರನ್ನು ನೇಮಕ ಮಾಡಲಾಗಿದೆ. ವೆಂಕಟೇಶ್ ಅವರು 2009ರ ಬ್ಯಾಚ್‌ನ ಐಎಎಸ್ ಅಧಿಕಾರಿಯಾಗಿದ್ದಾರೆ.
ಮಂಜುಶ್ರೀ	ಡಾ.ಎಂ.ವಿ.ವೆಂಕಟೇಶ್
ಮಂಡ್ಯ, ಆ.5- ಮಂಡ್ಯ ಜಿಲ್ಲಾಧಿಕಾರಿ ಎನ್.ಮಂಜುಶ್ರೀ ಅವರನ್ನು ವರ್ಗಾವಣೆ ಮಾಡಿ ಸರ್ಕಾರ ಆದೇಶ ಹೊರಡಿಸಿದೆ. ನೂತನ ಜಿಲ್ಲಾಧಿಕಾರಿಯಾಗಿ ಡಾ.ಎಂ.ವಿ.ವೆಂಕಟೇಶ್ ಅವರನ್ನು ನೇಮಕ ಮಾಡಲಾಗಿದೆ. ವೆಂಕಟೇಶ್ ಅವರು 2009ರ ಬ್ಯಾಚ್‌ನ ಐಎಎಸ್ ಅಧಿಕಾರಿಯಾಗಿದ್ದಾರೆ.
